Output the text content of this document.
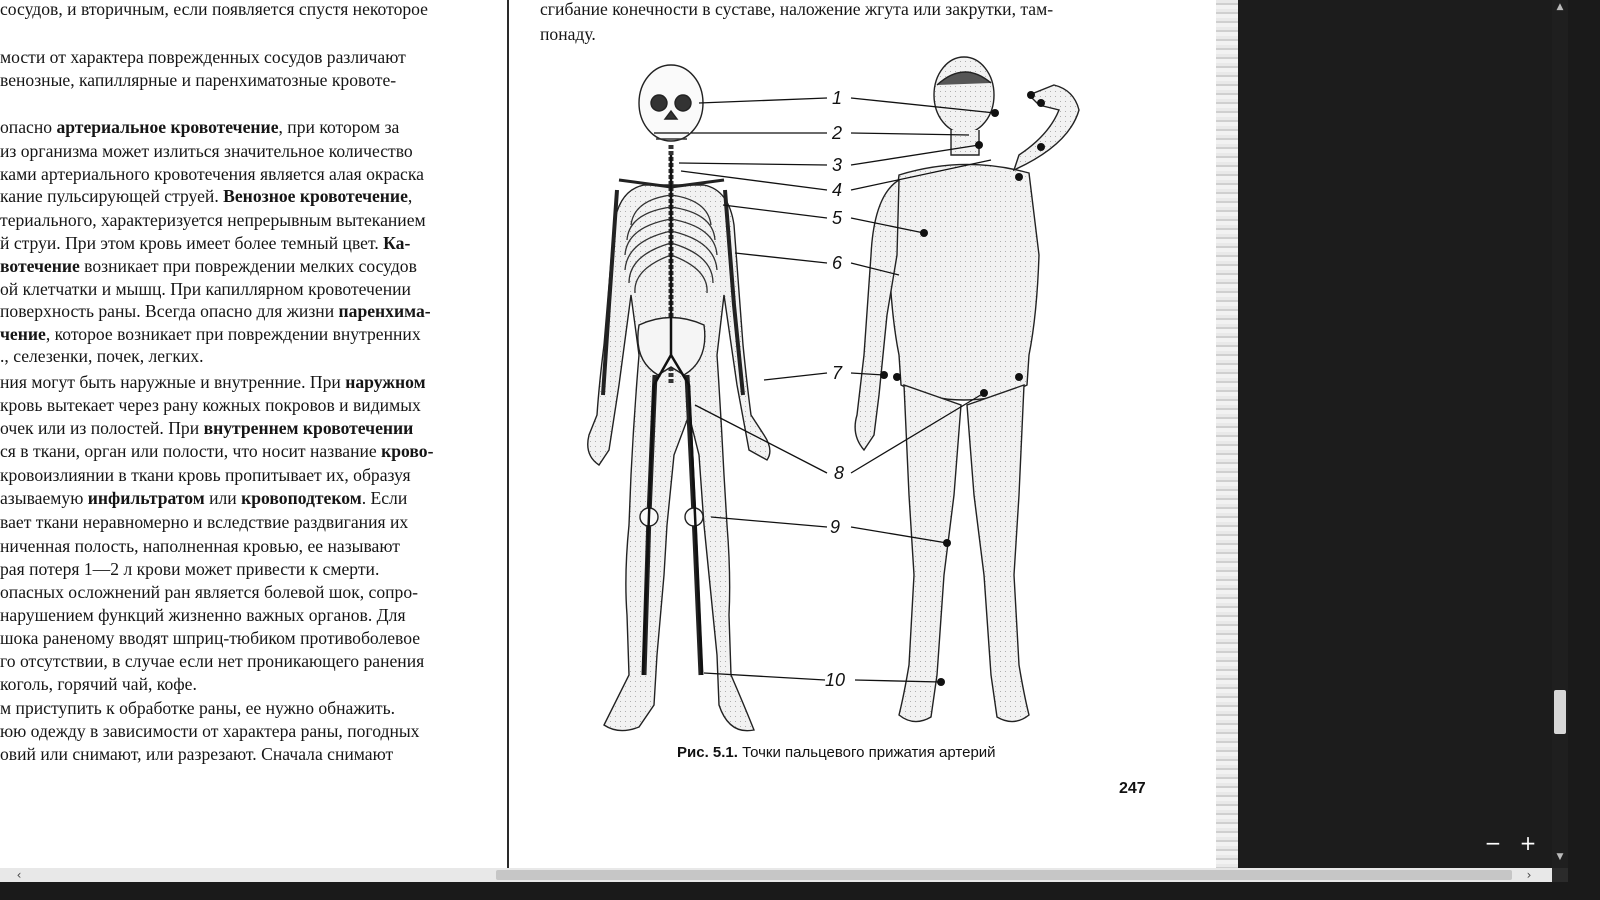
сосудов, и вторичным, если появляется спустя некоторое
мости от характера поврежденных сосудов различают
венозные, капиллярные и паренхиматозные кровоте-
опасно артериальное кровотечение, при котором за
из организма может излиться значительное количество
ками артериального кровотечения является алая окраска
кание пульсирующей струей. Венозное кровотечение,
териального, характеризуется непрерывным вытеканием
й струи. При этом кровь имеет более темный цвет. Ка-
вотечение возникает при повреждении мелких сосудов
ой клетчатки и мышц. При капиллярном кровотечении
поверхность раны. Всегда опасно для жизни паренхима-
чение, которое возникает при повреждении внутренних
., селезенки, почек, легких.
ния могут быть наружные и внутренние. При наружном
кровь вытекает через рану кожных покровов и видимых
очек или из полостей. При внутреннем кровотечении
ся в ткани, орган или полости, что носит название крово-
кровоизлиянии в ткани кровь пропитывает их, образуя
азываемую инфильтратом или кровоподтеком. Если
вает ткани неравномерно и вследствие раздвигания их
ниченная полость, наполненная кровью, ее называют
рая потеря 1—2 л крови может привести к смерти.
опасных осложнений ран является болевой шок, сопро-
нарушением функций жизненно важных органов. Для
шока раненому вводят шприц-тюбиком противоболевое
го отсутствии, в случае если нет проникающего ранения
коголь, горячий чай, кофе.
м приступить к обработке раны, ее нужно обнажить.
юю одежду в зависимости от характера раны, погодных
овий или снимают, или разрезают. Сначала снимают
сгибание конечности в суставе, наложение жгута или закрутки, там-
понаду.
1
2
3
4
5
6
7
8
9
10
Рис. 5.1. Точки пальцевого прижатия артерий
247
▲
▼
− +
‹	›
